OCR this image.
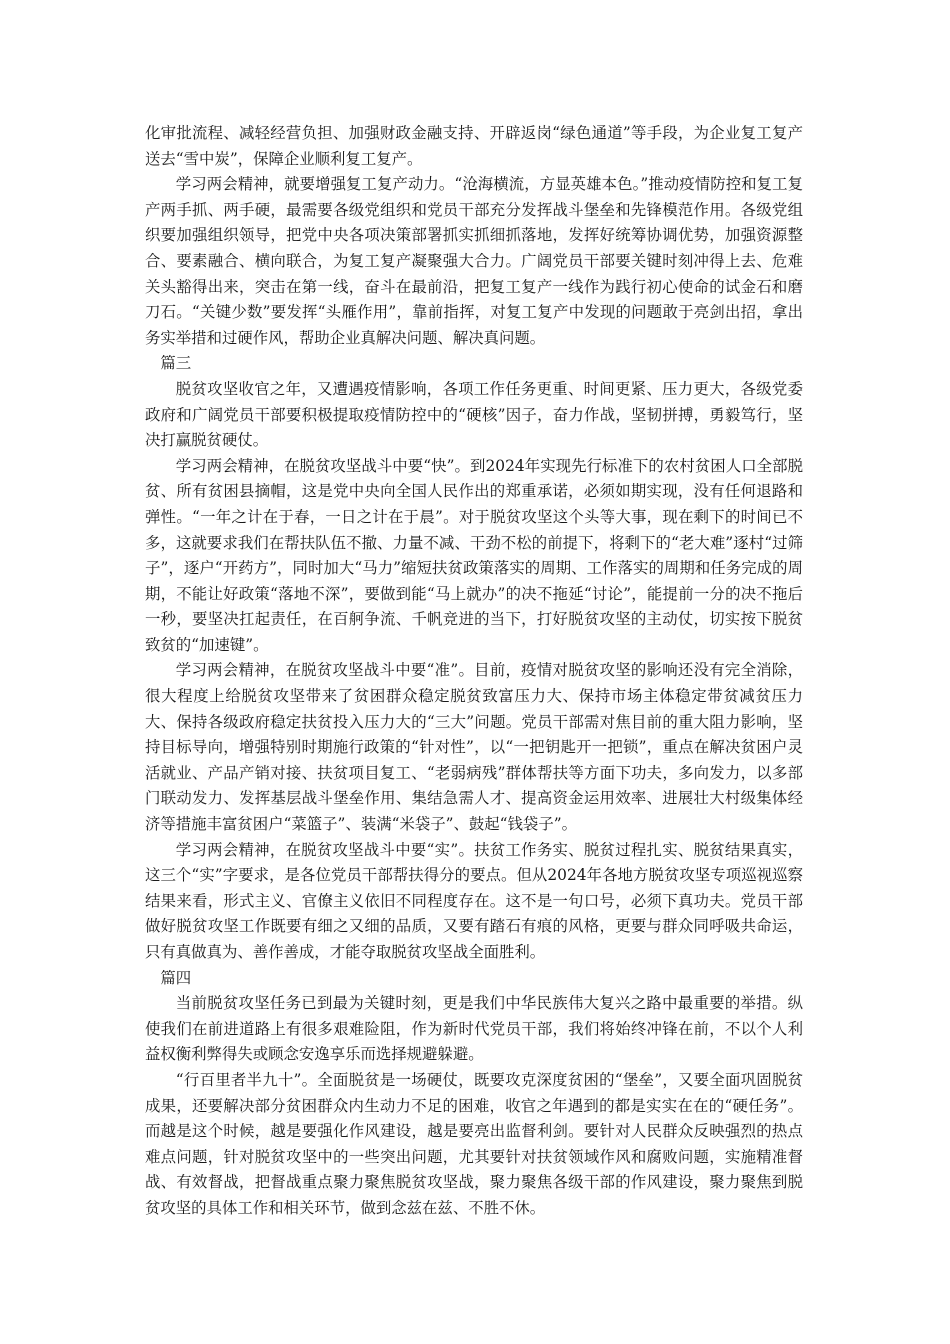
化审批流程、减轻经营负担、加强财政金融支持、开辟返岗“绿色通道”等手段，为企业复工复产送去“雪中炭”，保障企业顺利复工复产。

学习两会精神，就要增强复工复产动力。“沧海横流，方显英雄本色。”推动疫情防控和复工复产两手抓、两手硬，最需要各级党组织和党员干部充分发挥战斗堡垒和先锋模范作用。各级党组织要加强组织领导，把党中央各项决策部署抓实抓细抓落地，发挥好统筹协调优势，加强资源整合、要素融合、横向联合，为复工复产凝聚强大合力。广阔党员干部要关键时刻冲得上去、危难关头豁得出来，突击在第一线，奋斗在最前沿，把复工复产一线作为践行初心使命的试金石和磨刀石。“关键少数”要发挥“头雁作用”，靠前指挥，对复工复产中发现的问题敢于亮剑出招，拿出务实举措和过硬作风，帮助企业真解决问题、解决真问题。

篇三

脱贫攻坚收官之年，又遭遇疫情影响，各项工作任务更重、时间更紧、压力更大，各级党委政府和广阔党员干部要积极提取疫情防控中的“硬核”因子，奋力作战，坚韧拼搏，勇毅笃行，坚决打赢脱贫硬仗。

学习两会精神，在脱贫攻坚战斗中要“快”。到2024年实现先行标准下的农村贫困人口全部脱贫、所有贫困县摘帽，这是党中央向全国人民作出的郑重承诺，必须如期实现，没有任何退路和弹性。“一年之计在于春，一日之计在于晨”。对于脱贫攻坚这个头等大事，现在剩下的时间已不多，这就要求我们在帮扶队伍不撤、力量不减、干劲不松的前提下，将剩下的“老大难”逐村“过筛子”，逐户“开药方”，同时加大“马力”缩短扶贫政策落实的周期、工作落实的周期和任务完成的周期，不能让好政策“落地不深”，要做到能“马上就办”的决不拖延“讨论”，能提前一分的决不拖后一秒，要坚决扛起责任，在百舸争流、千帆竞进的当下，打好脱贫攻坚的主动仗，切实按下脱贫致贫的“加速键”。

学习两会精神，在脱贫攻坚战斗中要“准”。目前，疫情对脱贫攻坚的影响还没有完全消除，很大程度上给脱贫攻坚带来了贫困群众稳定脱贫致富压力大、保持市场主体稳定带贫减贫压力大、保持各级政府稳定扶贫投入压力大的“三大”问题。党员干部需对焦目前的重大阻力影响，坚持目标导向，增强特别时期施行政策的“针对性”，以“一把钥匙开一把锁”，重点在解决贫困户灵活就业、产品产销对接、扶贫项目复工、“老弱病残”群体帮扶等方面下功夫，多向发力，以多部门联动发力、发挥基层战斗堡垒作用、集结急需人才、提高资金运用效率、进展壮大村级集体经济等措施丰富贫困户“菜篮子”、装满“米袋子”、鼓起“钱袋子”。

学习两会精神，在脱贫攻坚战斗中要“实”。扶贫工作务实、脱贫过程扎实、脱贫结果真实，这三个“实”字要求，是各位党员干部帮扶得分的要点。但从2024年各地方脱贫攻坚专项巡视巡察结果来看，形式主义、官僚主义依旧不同程度存在。这不是一句口号，必须下真功夫。党员干部做好脱贫攻坚工作既要有细之又细的品质，又要有踏石有痕的风格，更要与群众同呼吸共命运，只有真做真为、善作善成，才能夺取脱贫攻坚战全面胜利。

篇四

当前脱贫攻坚任务已到最为关键时刻，更是我们中华民族伟大复兴之路中最重要的举措。纵使我们在前进道路上有很多艰难险阻，作为新时代党员干部，我们将始终冲锋在前，不以个人利益权衡利弊得失或顾念安逸享乐而选择规避躲避。

“行百里者半九十”。全面脱贫是一场硬仗，既要攻克深度贫困的“堡垒”，又要全面巩固脱贫成果，还要解决部分贫困群众内生动力不足的困难，收官之年遇到的都是实实在在的“硬任务”。而越是这个时候，越是要强化作风建设，越是要亮出监督利剑。要针对人民群众反映强烈的热点难点问题，针对脱贫攻坚中的一些突出问题，尤其要针对扶贫领域作风和腐败问题，实施精准督战、有效督战，把督战重点聚力聚焦脱贫攻坚战，聚力聚焦各级干部的作风建设，聚力聚焦到脱贫攻坚的具体工作和相关环节，做到念兹在兹、不胜不休。
